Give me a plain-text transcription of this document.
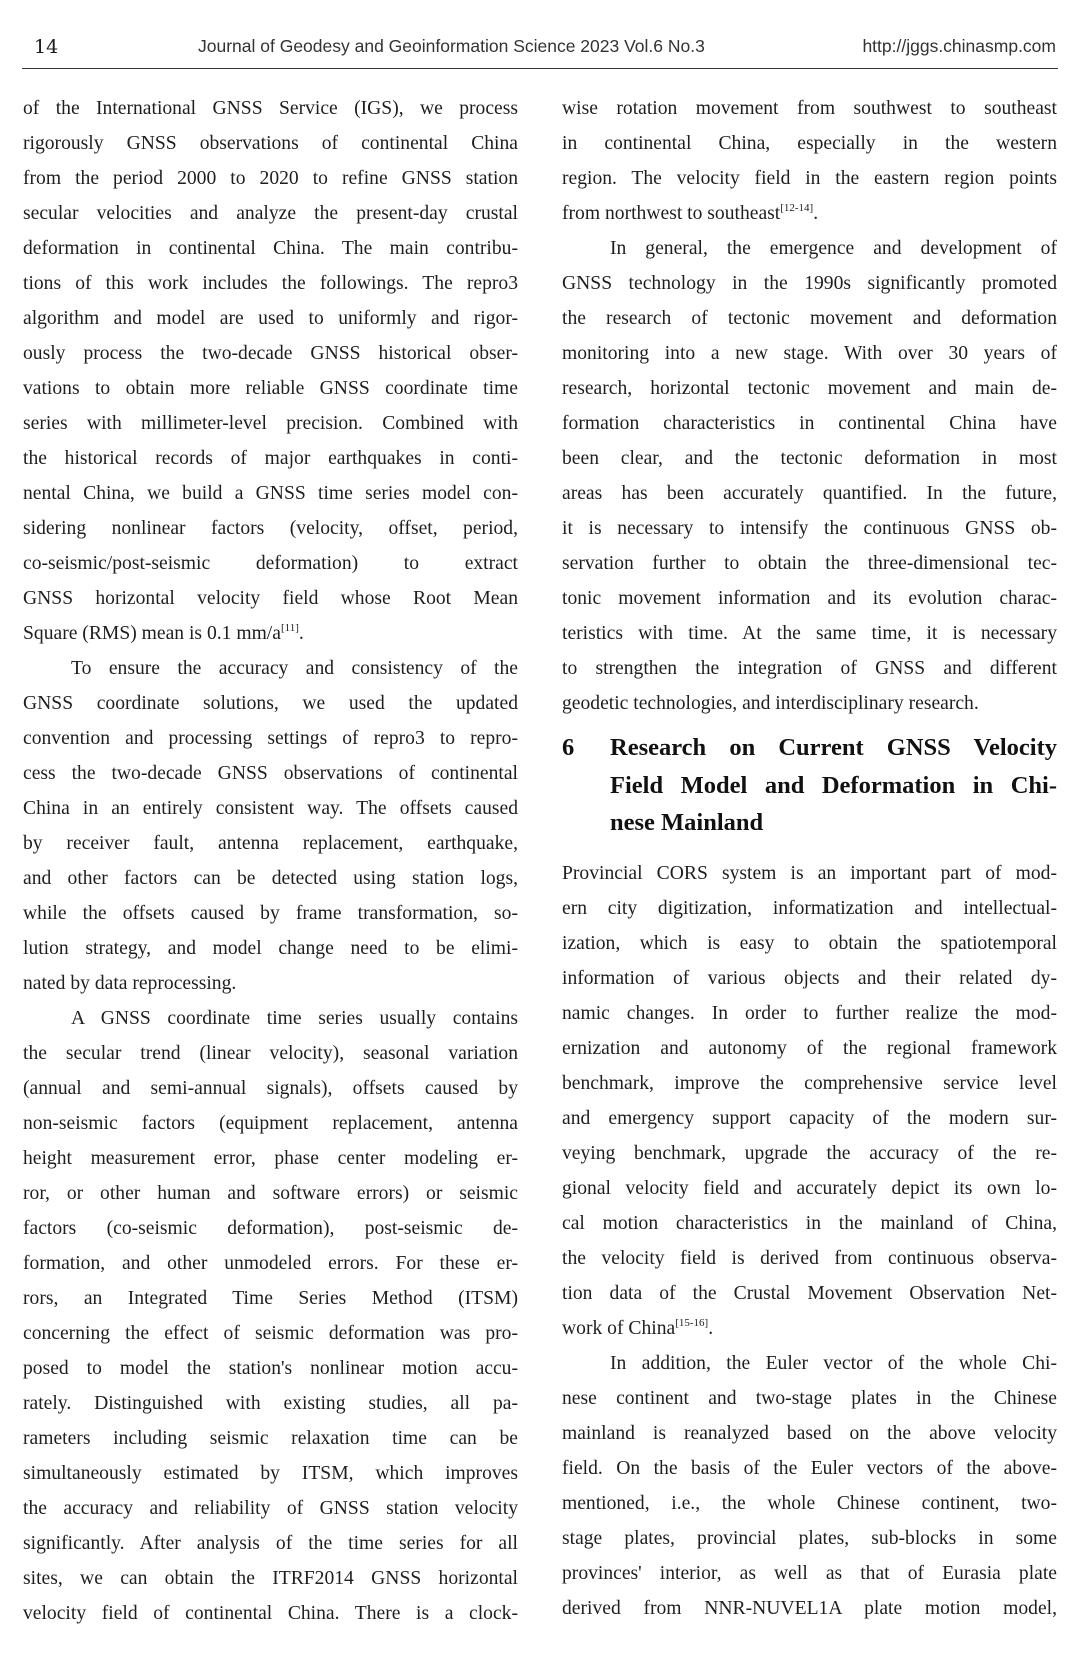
14	Journal of Geodesy and Geoinformation Science 2023 Vol.6 No.3	http://jggs.chinasmp.com

of the International GNSS Service (IGS), we process
rigorously GNSS observations of continental China
from the period 2000 to 2020 to refine GNSS station
secular velocities and analyze the present-day crustal
deformation in continental China. The main contribu-
tions of this work includes the followings. The repro3
algorithm and model are used to uniformly and rigor-
ously process the two-decade GNSS historical obser-
vations to obtain more reliable GNSS coordinate time
series with millimeter-level precision. Combined with
the historical records of major earthquakes in conti-
nental China, we build a GNSS time series model con-
sidering nonlinear factors (velocity, offset, period,
co-seismic/post-seismic deformation) to extract
GNSS horizontal velocity field whose Root Mean
Square (RMS) mean is 0.1 mm/a[11].

To ensure the accuracy and consistency of the
GNSS coordinate solutions, we used the updated
convention and processing settings of repro3 to repro-
cess the two-decade GNSS observations of continental
China in an entirely consistent way. The offsets caused
by receiver fault, antenna replacement, earthquake,
and other factors can be detected using station logs,
while the offsets caused by frame transformation, so-
lution strategy, and model change need to be elimi-
nated by data reprocessing.

A GNSS coordinate time series usually contains
the secular trend (linear velocity), seasonal variation
(annual and semi-annual signals), offsets caused by
non-seismic factors (equipment replacement, antenna
height measurement error, phase center modeling er-
ror, or other human and software errors) or seismic
factors (co-seismic deformation), post-seismic de-
formation, and other unmodeled errors. For these er-
rors, an Integrated Time Series Method (ITSM)
concerning the effect of seismic deformation was pro-
posed to model the station's nonlinear motion accu-
rately. Distinguished with existing studies, all pa-
rameters including seismic relaxation time can be
simultaneously estimated by ITSM, which improves
the accuracy and reliability of GNSS station velocity
significantly. After analysis of the time series for all
sites, we can obtain the ITRF2014 GNSS horizontal
velocity field of continental China. There is a clock-

wise rotation movement from southwest to southeast
in continental China, especially in the western
region. The velocity field in the eastern region points
from northwest to southeast[12-14].

In general, the emergence and development of
GNSS technology in the 1990s significantly promoted
the research of tectonic movement and deformation
monitoring into a new stage. With over 30 years of
research, horizontal tectonic movement and main de-
formation characteristics in continental China have
been clear, and the tectonic deformation in most
areas has been accurately quantified. In the future,
it is necessary to intensify the continuous GNSS ob-
servation further to obtain the three-dimensional tec-
tonic movement information and its evolution charac-
teristics with time. At the same time, it is necessary
to strengthen the integration of GNSS and different
geodetic technologies, and interdisciplinary research.

6 Research on Current GNSS Velocity
Field Model and Deformation in Chi-
nese Mainland

Provincial CORS system is an important part of mod-
ern city digitization, informatization and intellectual-
ization, which is easy to obtain the spatiotemporal
information of various objects and their related dy-
namic changes. In order to further realize the mod-
ernization and autonomy of the regional framework
benchmark, improve the comprehensive service level
and emergency support capacity of the modern sur-
veying benchmark, upgrade the accuracy of the re-
gional velocity field and accurately depict its own lo-
cal motion characteristics in the mainland of China,
the velocity field is derived from continuous observa-
tion data of the Crustal Movement Observation Net-
work of China[15-16].

In addition, the Euler vector of the whole Chi-
nese continent and two-stage plates in the Chinese
mainland is reanalyzed based on the above velocity
field. On the basis of the Euler vectors of the above-
mentioned, i.e., the whole Chinese continent, two-
stage plates, provincial plates, sub-blocks in some
provinces' interior, as well as that of Eurasia plate
derived from NNR-NUVEL1A plate motion model,
